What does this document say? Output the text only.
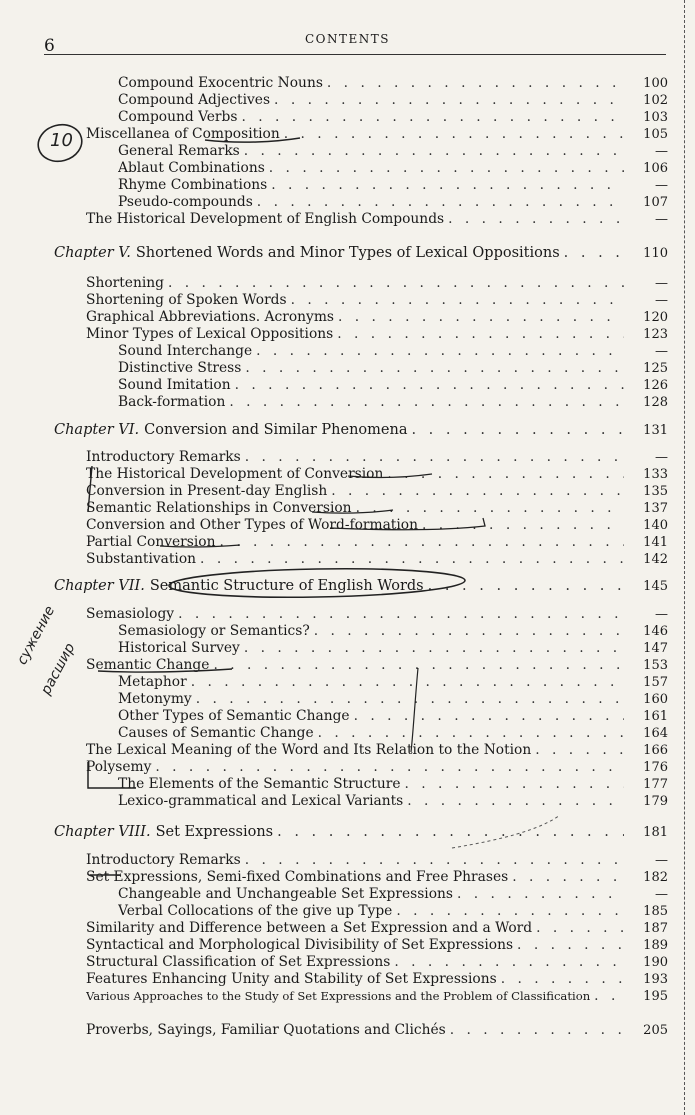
6	CONTENTS
Compound Exocentric Nouns . . .	100
Compound Adjectives . . .	102
Compound Verbs . . .	103
Miscellanea of Composition . . .	105
General Remarks . . .	—
Ablaut Combinations . . .	106
Rhyme Combinations . . .	—
Pseudo-compounds . . .	107
The Historical Development of English Compounds . . .	—
Chapter V. Shortened Words and Minor Types of Lexical Oppositions . . .	110
Shortening . . .	—
Shortening of Spoken Words . . .	—
Graphical Abbreviations. Acronyms . . .	120
Minor Types of Lexical Oppositions . . .	123
Sound Interchange . . .	—
Distinctive Stress . . .	125
Sound Imitation . . .	126
Back-formation . . .	128
Chapter VI. Conversion and Similar Phenomena . . .	131
Introductory Remarks . . .	—
The Historical Development of Conversion . . .	133
Conversion in Present-day English . . .	135
Semantic Relationships in Conversion . . .	137
Conversion and Other Types of Word-formation . . .	140
Partial Conversion . . .	141
Substantivation . . .	142
Chapter VII. Semantic Structure of English Words . . .	145
Semasiology . . .	—
Semasiology or Semantics? . . .	146
Historical Survey . . .	147
Semantic Change . . .	153
Metaphor . . .	157
Metonymy . . .	160
Other Types of Semantic Change . . .	161
Causes of Semantic Change . . .	164
The Lexical Meaning of the Word and Its Relation to the Notion . . .	166
Polysemy . . .	176
The Elements of the Semantic Structure . . .	177
Lexico-grammatical and Lexical Variants . . .	179
Chapter VIII. Set Expressions . . .	181
Introductory Remarks . . .	—
Set Expressions, Semi-fixed Combinations and Free Phrases . . .	182
Changeable and Unchangeable Set Expressions . . .	—
Verbal Collocations of the give up Type . . .	185
Similarity and Difference between a Set Expression and a Word . . .	187
Syntactical and Morphological Divisibility of Set Expressions . . .	189
Structural Classification of Set Expressions . . .	190
Features Enhancing Unity and Stability of Set Expressions . . .	193
Various Approaches to the Study of Set Expressions and the Problem of Classification . . .	195
Proverbs, Sayings, Familiar Quotations and Clichés . . .	205
10
сужение
расшир
